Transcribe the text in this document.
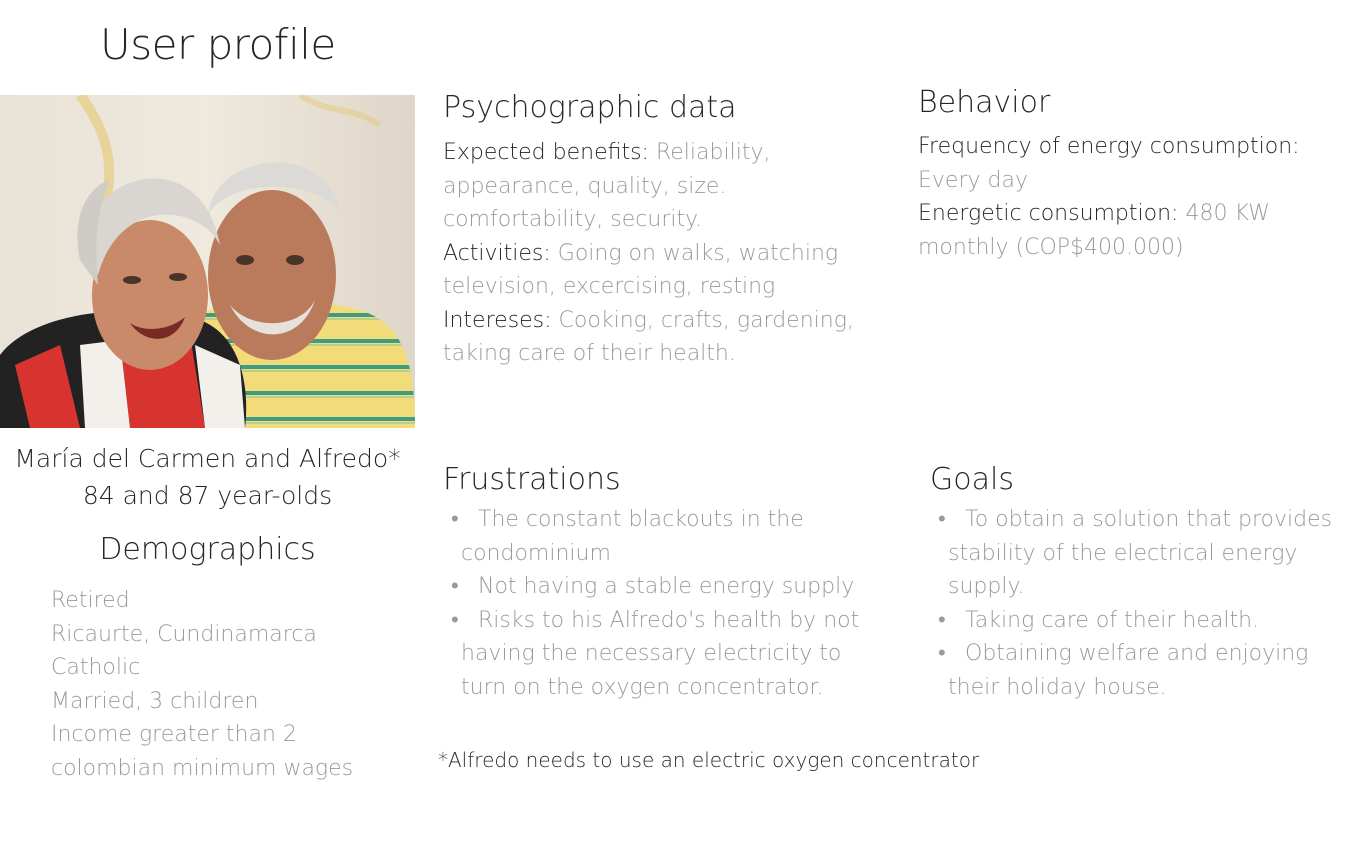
User profile
María del Carmen and Alfredo*
84 and 87 year-olds
Demographics
Retired
Ricaurte, Cundinamarca
Catholic
Married, 3 children
Income greater than 2
colombian minimum wages
Psychographic data
Expected benefits: Reliability, appearance, quality, size. comfortability, security.
Activities: Going on walks, watching television, excercising, resting
Intereses: Cooking, crafts, gardening, taking care of their health.
Behavior
Frequency of energy consumption:
Every day
Energetic consumption: 480 KW monthly (COP$400.000)
Frustrations
• The constant blackouts in the condominium
• Not having a stable energy supply
• Risks to his Alfredo's health by not having the necessary electricity to turn on the oxygen concentrator.
Goals
• To obtain a solution that provides stability of the electrical energy supply.
• Taking care of their health.
• Obtaining welfare and enjoying their holiday house.
*Alfredo needs to use an electric oxygen concentrator
